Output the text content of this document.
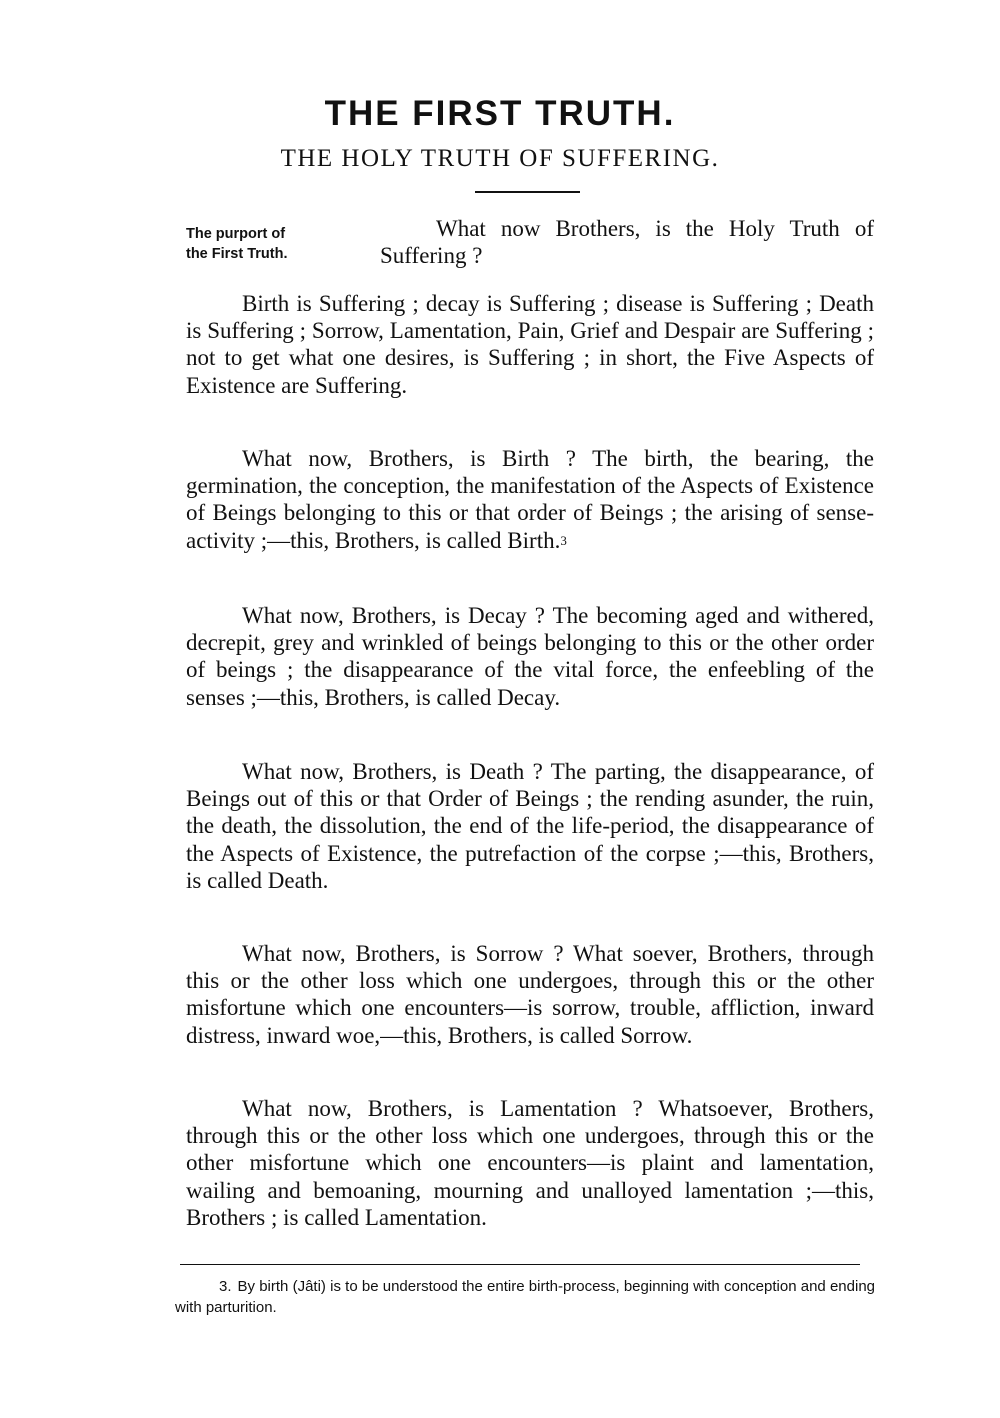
THE FIRST TRUTH.
THE HOLY TRUTH OF SUFFERING.
The purport of
the First Truth.
What now Brothers, is the Holy Truth of Suffering ?

Birth is Suffering ; decay is Suffering ; disease is Suffering ; Death is Suffering ; Sorrow, Lamentation, Pain, Grief and Despair are Suffering ; not to get what one desires, is Suffering ; in short, the Five Aspects of Existence are Suffering.

What now, Brothers, is Birth ? The birth, the bearing, the germination, the conception, the manifestation of the Aspects of Existence of Beings belonging to this or that order of Beings ; the arising of sense-activity ;—this, Brothers, is called Birth.3

What now, Brothers, is Decay ? The becoming aged and withered, decrepit, grey and wrinkled of beings belonging to this or the other order of beings ; the disappearance of the vital force, the enfeebling of the senses ;—this, Brothers, is called Decay.

What now, Brothers, is Death ? The parting, the disappearance, of Beings out of this or that Order of Beings ; the rending asunder, the ruin, the death, the dissolution, the end of the life-period, the disappearance of the Aspects of Existence, the putrefaction of the corpse ;—this, Brothers, is called Death.

What now, Brothers, is Sorrow ? What soever, Brothers, through this or the other loss which one undergoes, through this or the other misfortune which one encounters—is sorrow, trouble, affliction, inward distress, inward woe,—this, Brothers, is called Sorrow.

What now, Brothers, is Lamentation ? Whatsoever, Brothers, through this or the other loss which one undergoes, through this or the other misfortune which one encounters—is plaint and lamentation, wailing and bemoaning, mourning and unalloyed lamentation ;—this, Brothers ; is called Lamentation.

3. By birth (Jâti) is to be understood the entire birth-process, beginning with conception and ending with parturition.
